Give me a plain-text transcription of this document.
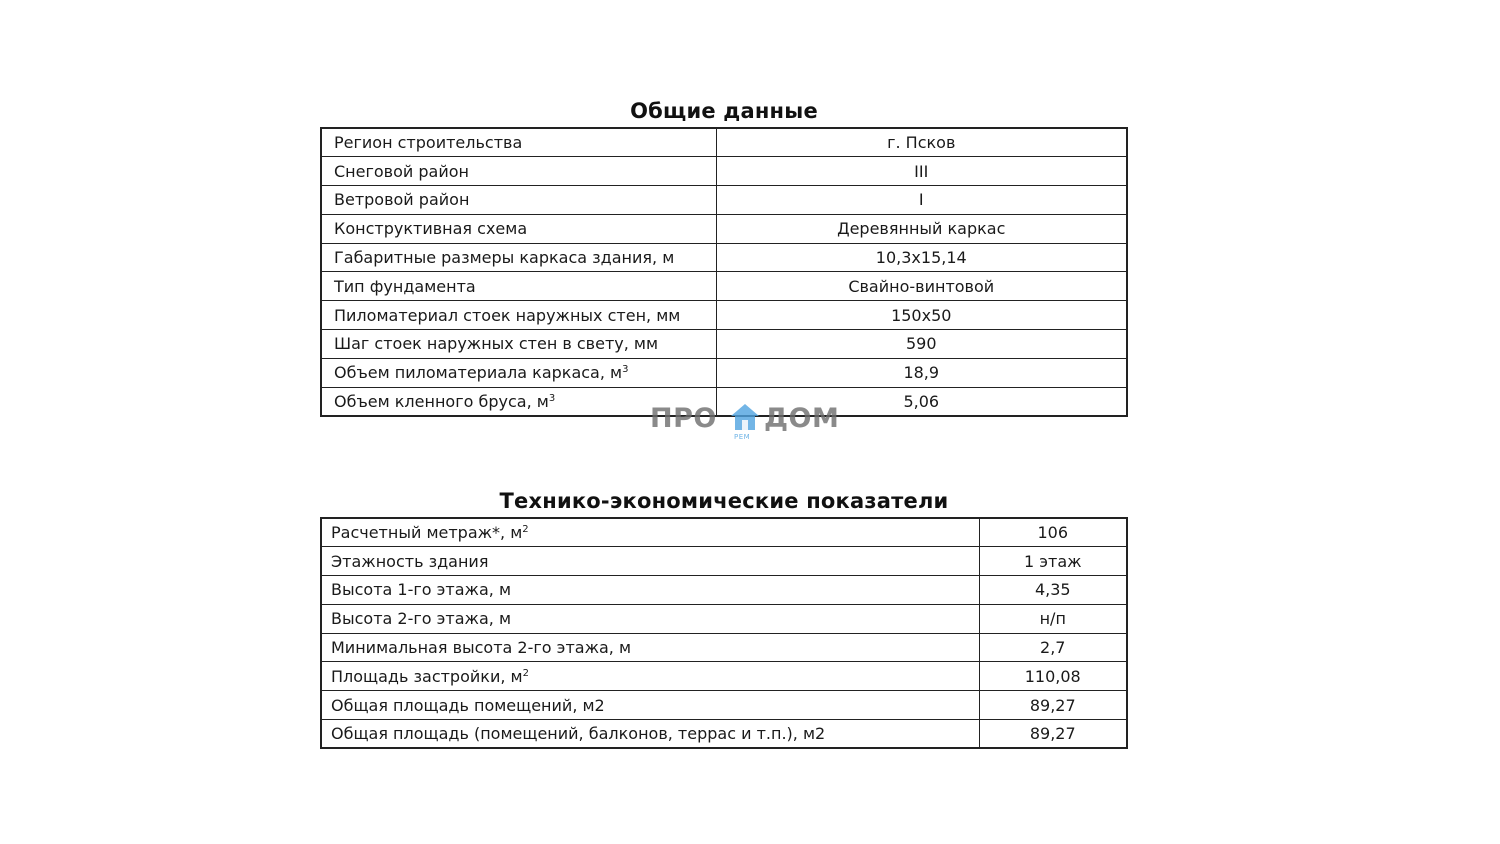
Общие данные
Регион строительства	г. Псков
Снеговой район	III
Ветровой район	I
Конструктивная схема	Деревянный каркас
Габаритные размеры каркаса здания, м	10,3х15,14
Тип фундамента	Свайно-винтовой
Пиломатериал стоек наружных стен, мм	150х50
Шаг стоек наружных стен в свету, мм	590
Объем пиломатериала каркаса, $м^3$	18,9
Объем кленного бруса, $м^3$	5,06
ПРО
РЕМ
ДОМ
Технико-экономические показатели
Расчетный метраж*, $м^2$	106
Этажность здания	1 этаж
Высота 1-го этажа, м	4,35
Высота 2-го этажа, м	н/п
Минимальная высота 2-го этажа, м	2,7
Площадь застройки, $м^2$	110,08
Общая площадь помещений, м2	89,27
Общая площадь (помещений, балконов, террас и т.п.), м2	89,27
